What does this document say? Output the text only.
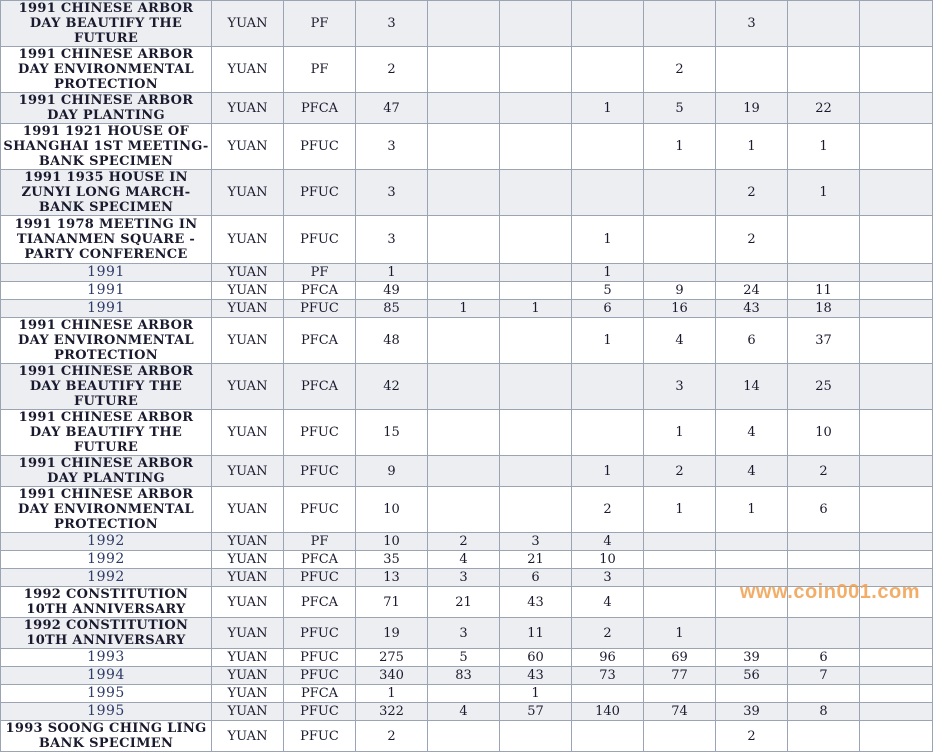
1991 CHINESE ARBOR DAY BEAUTIFY THE FUTURE	YUAN	PF	3					3		
1991 CHINESE ARBOR DAY ENVIRONMENTAL PROTECTION	YUAN	PF	2				2			
1991 CHINESE ARBOR DAY PLANTING	YUAN	PFCA	47			1	5	19	22	
1991 1921 HOUSE OF SHANGHAI 1ST MEETING-BANK SPECIMEN	YUAN	PFUC	3				1	1	1	
1991 1935 HOUSE IN ZUNYI LONG MARCH-BANK SPECIMEN	YUAN	PFUC	3					2	1	
1991 1978 MEETING IN TIANANMEN SQUARE - PARTY CONFERENCE	YUAN	PFUC	3			1		2		
1991	YUAN	PF	1			1				
1991	YUAN	PFCA	49			5	9	24	11	
1991	YUAN	PFUC	85	1	1	6	16	43	18	
1991 CHINESE ARBOR DAY ENVIRONMENTAL PROTECTION	YUAN	PFCA	48			1	4	6	37	
1991 CHINESE ARBOR DAY BEAUTIFY THE FUTURE	YUAN	PFCA	42				3	14	25	
1991 CHINESE ARBOR DAY BEAUTIFY THE FUTURE	YUAN	PFUC	15				1	4	10	
1991 CHINESE ARBOR DAY PLANTING	YUAN	PFUC	9			1	2	4	2	
1991 CHINESE ARBOR DAY ENVIRONMENTAL PROTECTION	YUAN	PFUC	10			2	1	1	6	
1992	YUAN	PF	10	2	3	4				
1992	YUAN	PFCA	35	4	21	10				
1992	YUAN	PFUC	13	3	6	3				
1992 CONSTITUTION 10TH ANNIVERSARY	YUAN	PFCA	71	21	43	4				
1992 CONSTITUTION 10TH ANNIVERSARY	YUAN	PFUC	19	3	11	2	1			
1993	YUAN	PFUC	275	5	60	96	69	39	6	
1994	YUAN	PFUC	340	83	43	73	77	56	7	
1995	YUAN	PFCA	1		1					
1995	YUAN	PFUC	322	4	57	140	74	39	8	
1993 SOONG CHING LING BANK SPECIMEN	YUAN	PFUC	2					2		
www.coin001.com
